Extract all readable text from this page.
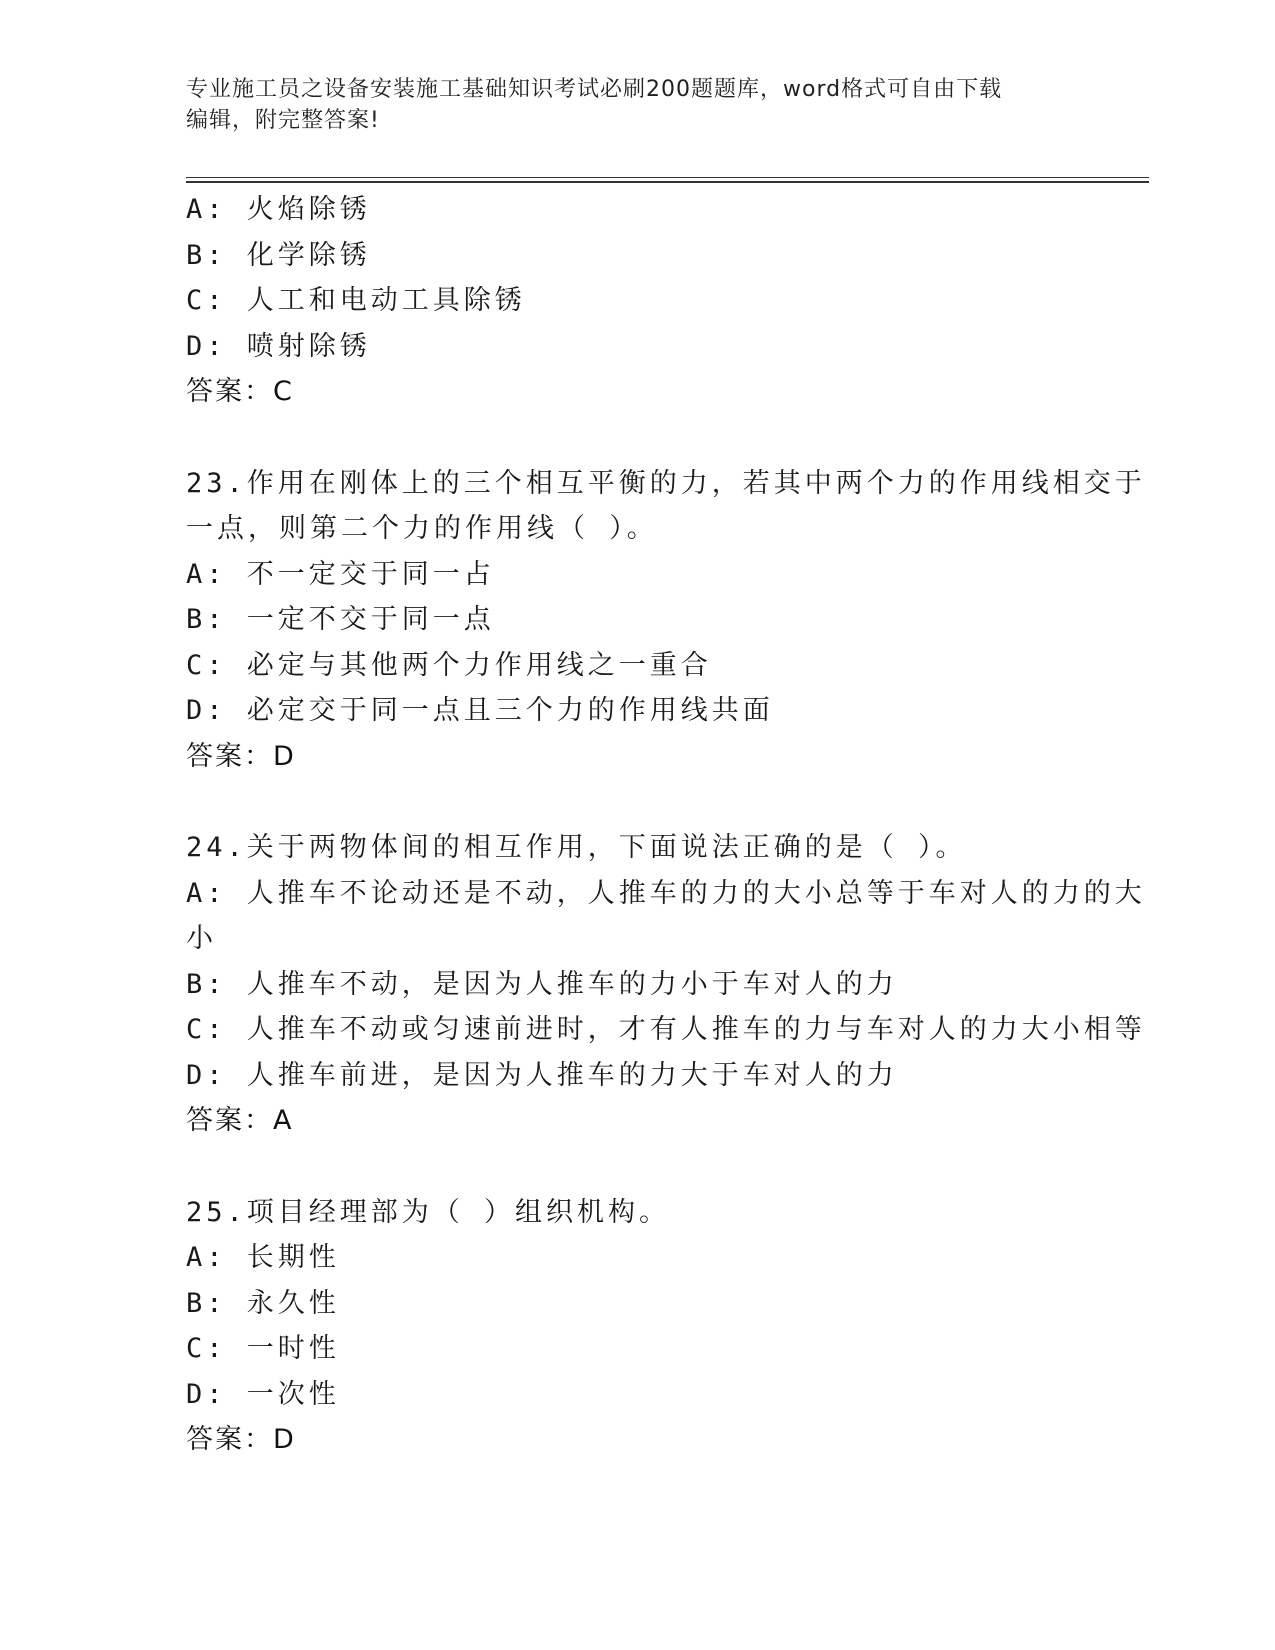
专业施工员之设备安装施工基础知识考试必刷200题题库，word格式可自由下载
编辑，附完整答案!
A: 火焰除锈
B: 化学除锈
C: 人工和电动工具除锈
D: 喷射除锈
答案：C
23.作用在刚体上的三个相互平衡的力，若其中两个力的作用线相交于
一点，则第二个力的作用线（ ）。
A: 不一定交于同一占
B: 一定不交于同一点
C: 必定与其他两个力作用线之一重合
D: 必定交于同一点且三个力的作用线共面
答案：D
24.关于两物体间的相互作用，下面说法正确的是（ ）。
A: 人推车不论动还是不动，人推车的力的大小总等于车对人的力的大
小
B: 人推车不动，是因为人推车的力小于车对人的力
C: 人推车不动或匀速前进时，才有人推车的力与车对人的力大小相等
D: 人推车前进，是因为人推车的力大于车对人的力
答案：A
25.项目经理部为（ ）组织机构。
A: 长期性
B: 永久性
C: 一时性
D: 一次性
答案：D
